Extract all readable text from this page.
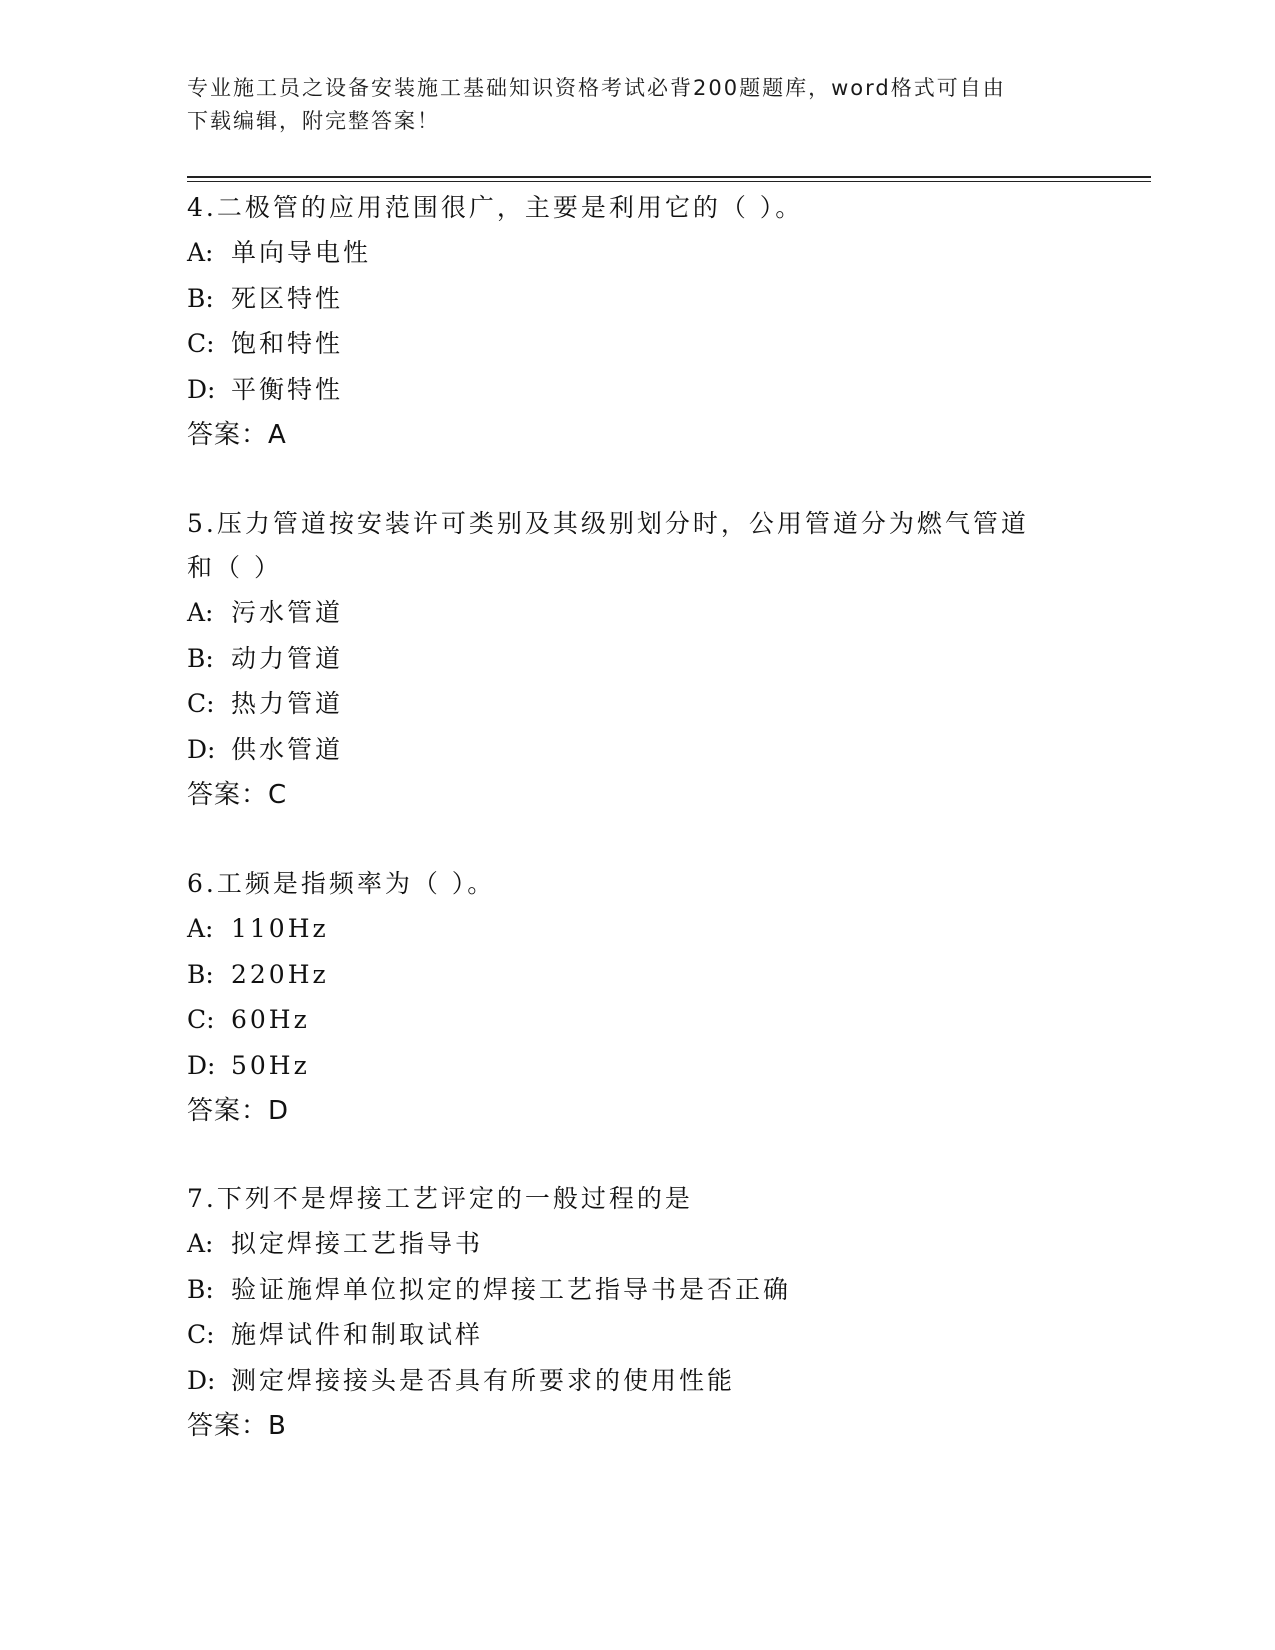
专业施工员之设备安装施工基础知识资格考试必背200题题库，word格式可自由
下载编辑，附完整答案！

4.二极管的应用范围很广，主要是利用它的（ ）。

A: 单向导电性

B: 死区特性

C: 饱和特性

D: 平衡特性

答案：A

5.压力管道按安装许可类别及其级别划分时，公用管道分为燃气管道

和（ ）

A: 污水管道

B: 动力管道

C: 热力管道

D: 供水管道

答案：C

6.工频是指频率为（ ）。

A: 110Hz

B: 220Hz

C: 60Hz

D: 50Hz

答案：D

7.下列不是焊接工艺评定的一般过程的是

A: 拟定焊接工艺指导书

B: 验证施焊单位拟定的焊接工艺指导书是否正确

C: 施焊试件和制取试样

D: 测定焊接接头是否具有所要求的使用性能

答案：B
